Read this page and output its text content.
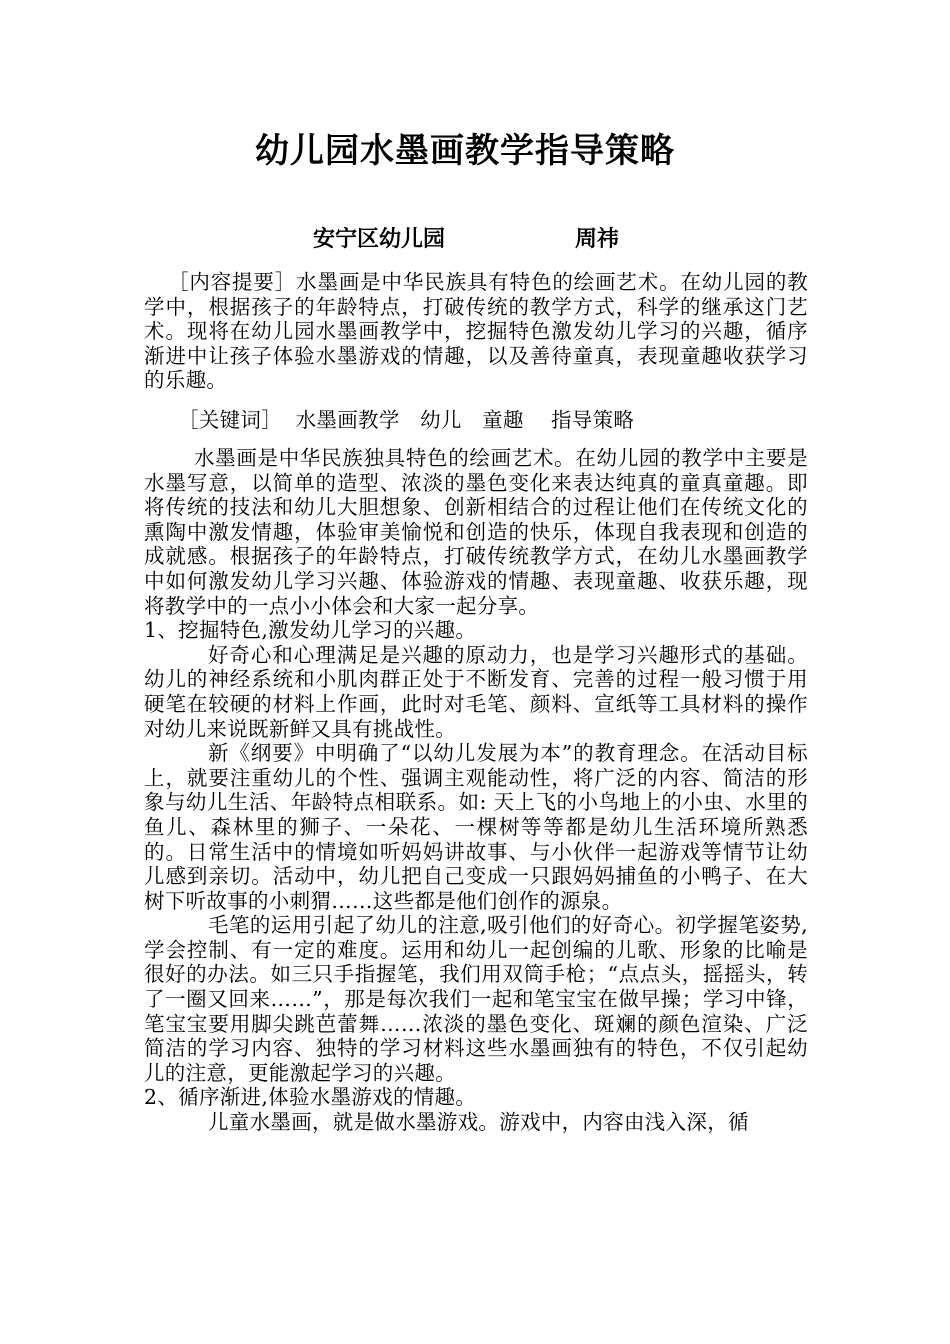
幼儿园水墨画教学指导策略
安宁区幼儿园	周祎
［内容提要］水墨画是中华民族具有特色的绘画艺术。在幼儿园的教学中，根据孩子的年龄特点，打破传统的教学方式，科学的继承这门艺术。现将在幼儿园水墨画教学中，挖掘特色激发幼儿学习的兴趣，循序渐进中让孩子体验水墨游戏的情趣，以及善待童真，表现童趣收获学习的乐趣。
［关键词］  水墨画教学   幼儿   童趣    指导策略

水墨画是中华民族独具特色的绘画艺术。在幼儿园的教学中主要是水墨写意，以简单的造型、浓淡的墨色变化来表达纯真的童真童趣。即将传统的技法和幼儿大胆想象、创新相结合的过程让他们在传统文化的熏陶中激发情趣，体验审美愉悦和创造的快乐，体现自我表现和创造的成就感。根据孩子的年龄特点，打破传统教学方式，在幼儿水墨画教学中如何激发幼儿学习兴趣、体验游戏的情趣、表现童趣、收获乐趣，现将教学中的一点小小体会和大家一起分享。

1、挖掘特色,激发幼儿学习的兴趣。

好奇心和心理满足是兴趣的原动力，也是学习兴趣形式的基础。幼儿的神经系统和小肌肉群正处于不断发育、完善的过程一般习惯于用硬笔在较硬的材料上作画，此时对毛笔、颜料、宣纸等工具材料的操作对幼儿来说既新鲜又具有挑战性。

新《纲要》中明确了“以幼儿发展为本”的教育理念。在活动目标上，就要注重幼儿的个性、强调主观能动性，将广泛的内容、简洁的形象与幼儿生活、年龄特点相联系。如: 天上飞的小鸟地上的小虫、水里的鱼儿、森林里的狮子、一朵花、一棵树等等都是幼儿生活环境所熟悉的。日常生活中的情境如听妈妈讲故事、与小伙伴一起游戏等情节让幼儿感到亲切。活动中，幼儿把自己变成一只跟妈妈捕鱼的小鸭子、在大树下听故事的小刺猬……这些都是他们创作的源泉。

毛笔的运用引起了幼儿的注意,吸引他们的好奇心。初学握笔姿势,学会控制、有一定的难度。运用和幼儿一起创编的儿歌、形象的比喻是很好的办法。如三只手指握笔，我们用双筒手枪；“点点头，摇摇头，转了一圈又回来……”，那是每次我们一起和笔宝宝在做早操；学习中锋，笔宝宝要用脚尖跳芭蕾舞……浓淡的墨色变化、斑斓的颜色渲染、广泛简洁的学习内容、独特的学习材料这些水墨画独有的特色，不仅引起幼儿的注意，更能激起学习的兴趣。

2、循序渐进,体验水墨游戏的情趣。

儿童水墨画，就是做水墨游戏。游戏中，内容由浅入深，循
